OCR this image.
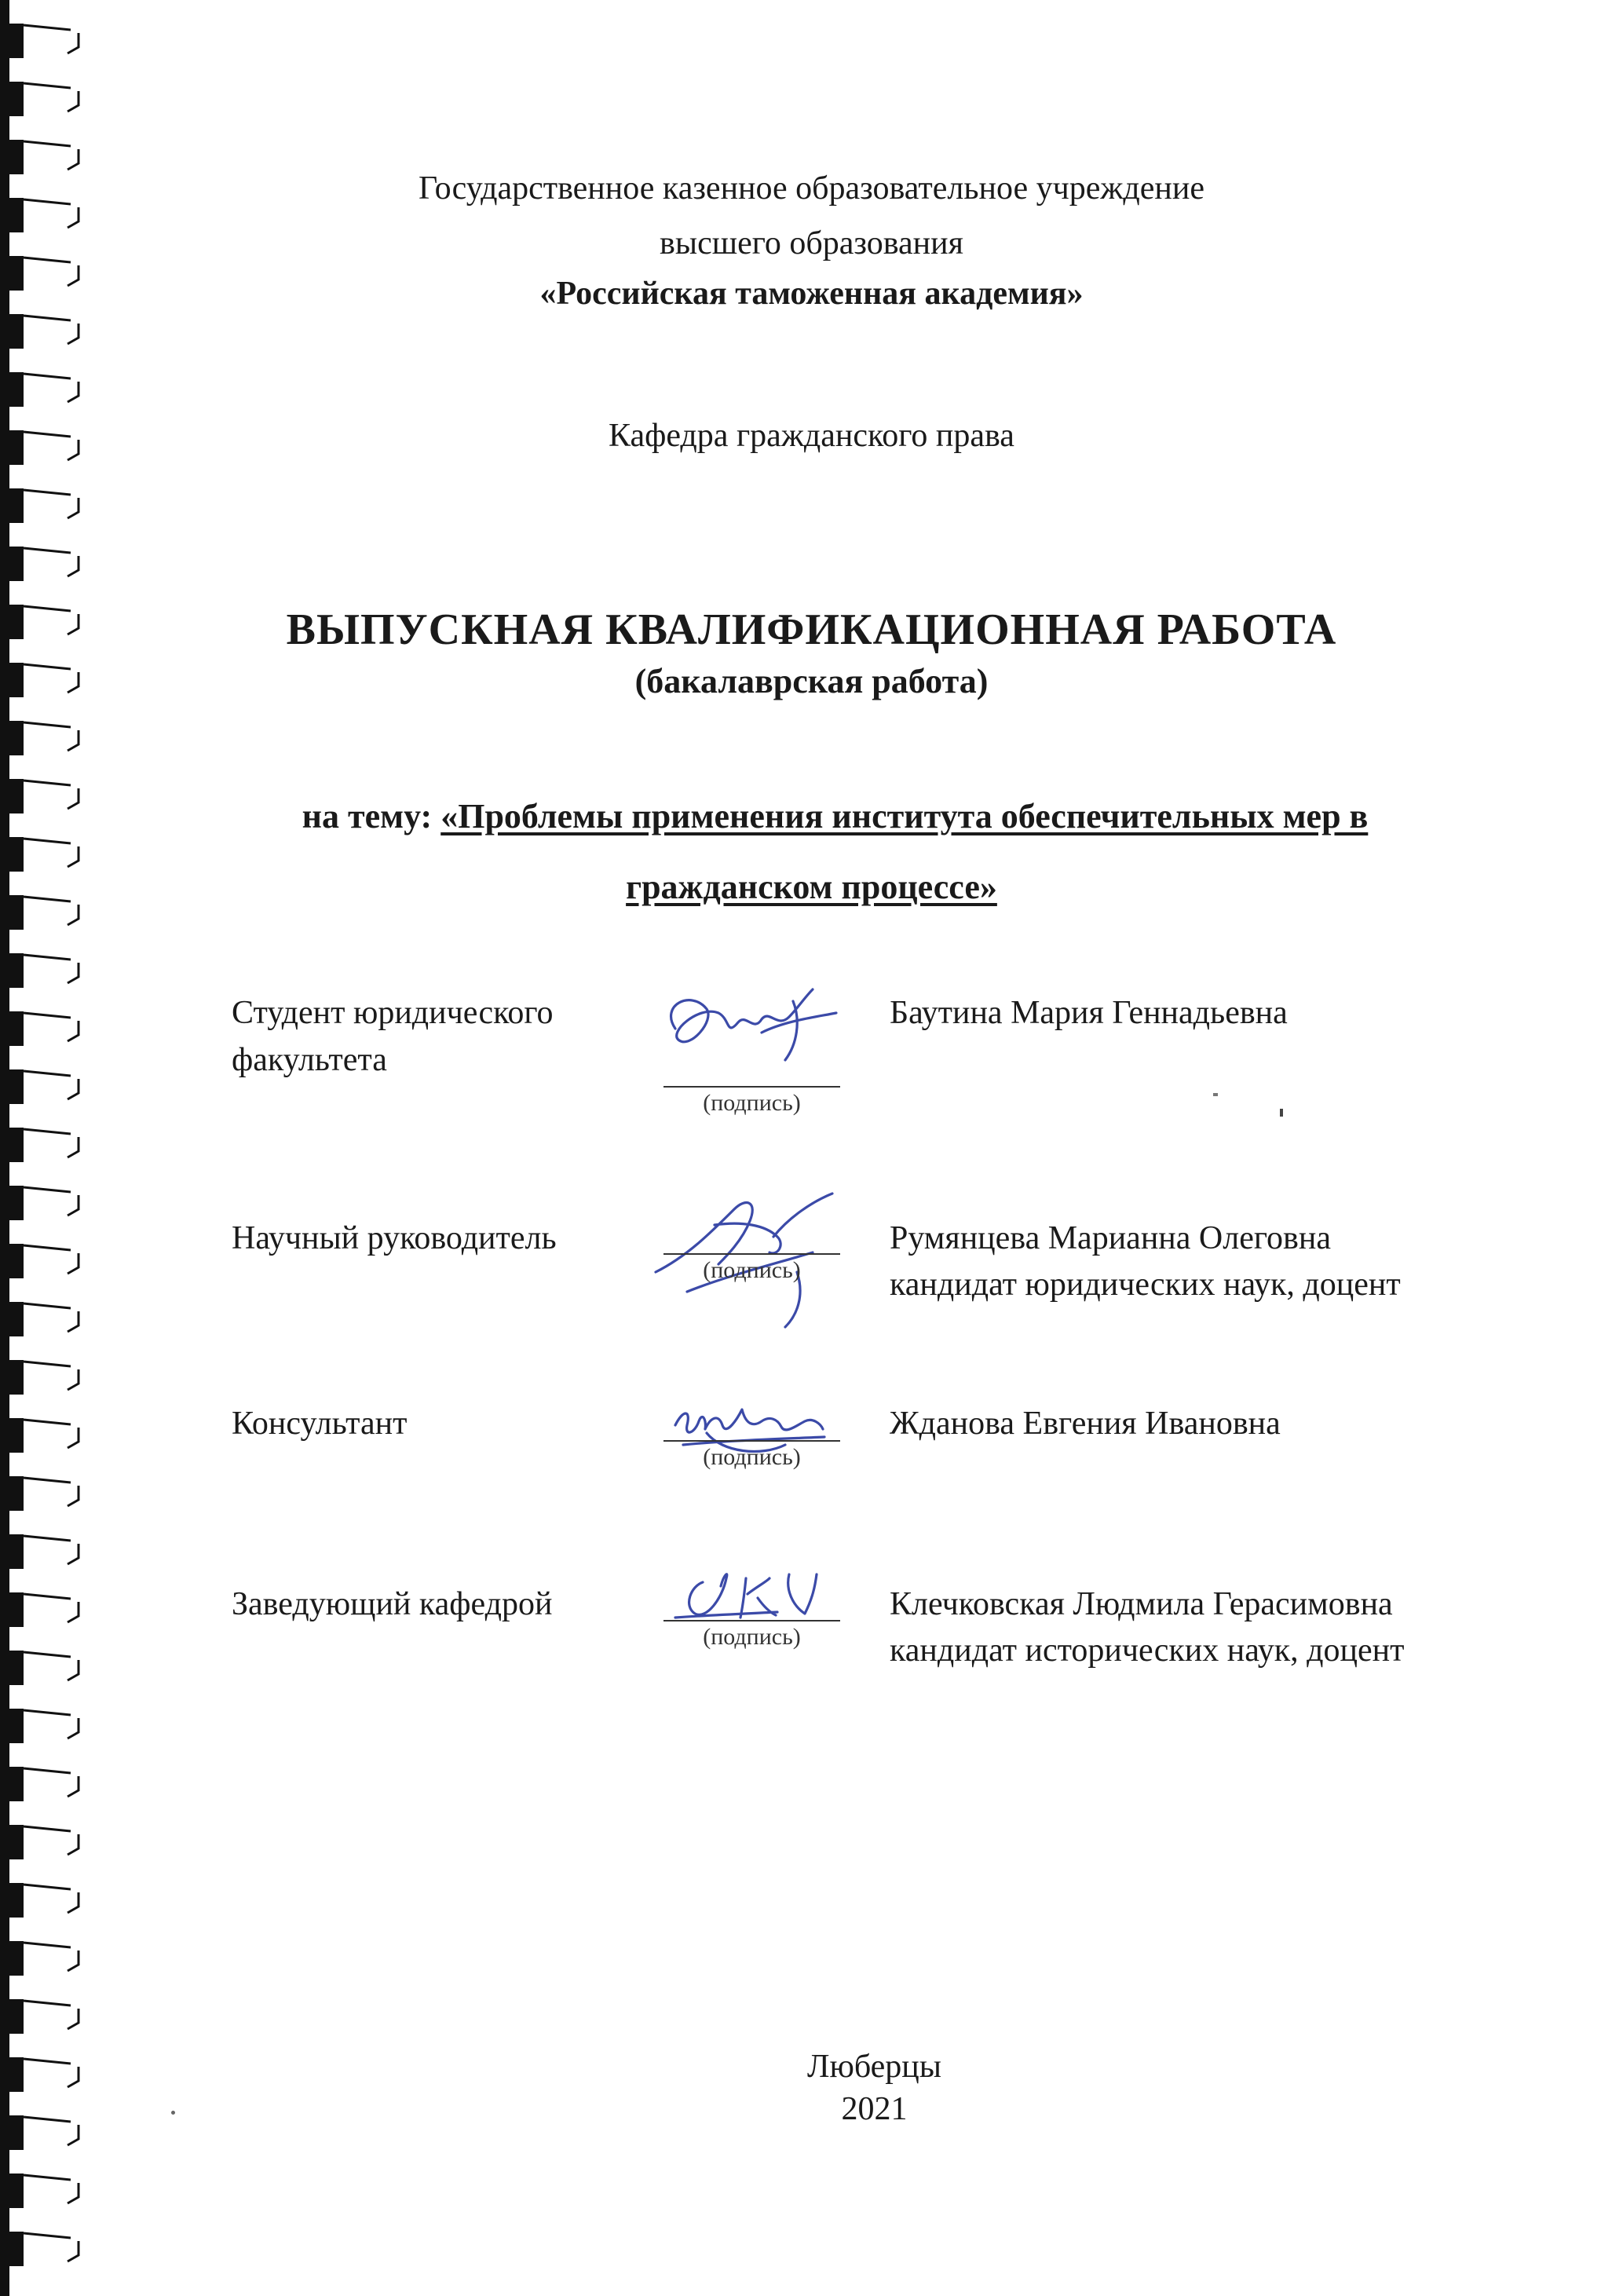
Государственное казенное образовательное учреждение
высшего образования
«Российская таможенная академия»
Кафедра гражданского права
ВЫПУСКНАЯ КВАЛИФИКАЦИОННАЯ РАБОТА
(бакалаврская работа)
на тему: «Проблемы применения института обеспечительных мер в
гражданском процессе»
Студент юридического
факультета
(подпись)
Баутина Мария Геннадьевна
Научный руководитель
(подпись)
Румянцева Марианна Олеговна
кандидат юридических наук, доцент
Консультант
(подпись)
Жданова Евгения Ивановна
Заведующий кафедрой
(подпись)
Клечковская Людмила Герасимовна
кандидат исторических наук, доцент
Люберцы
2021
